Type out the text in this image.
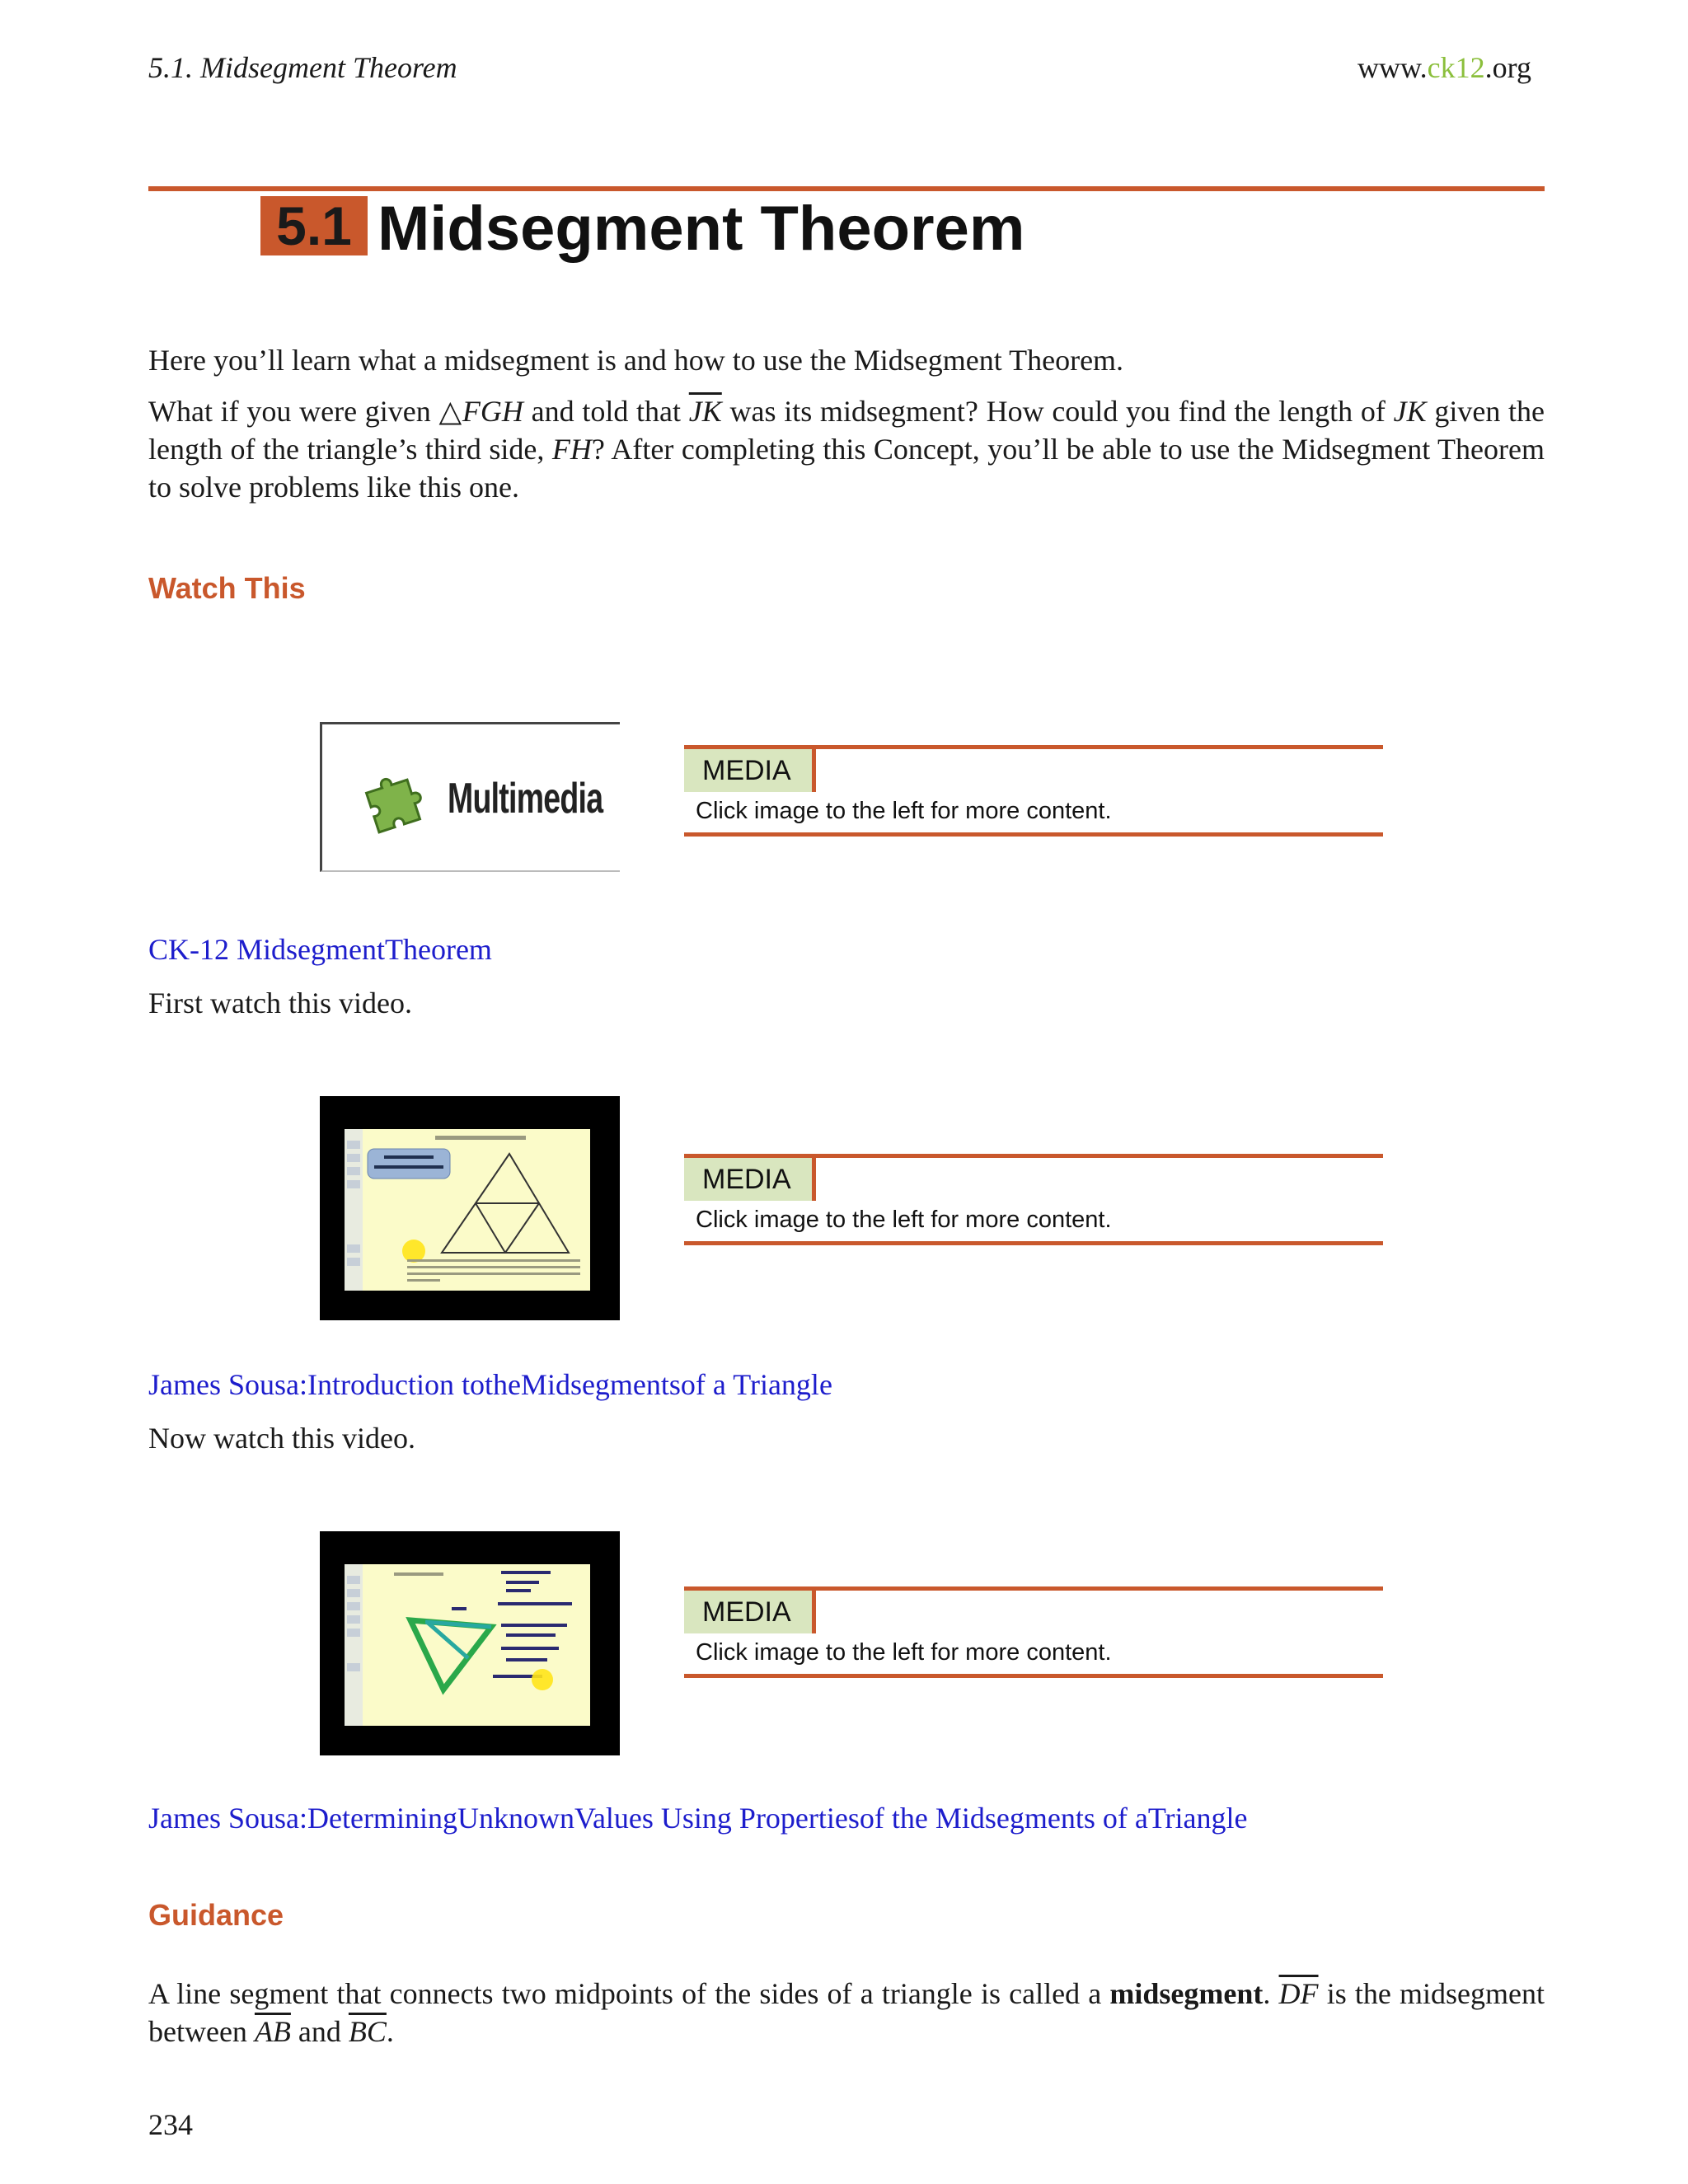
5.1. Midsegment Theorem	www.ck12.org
5.1 Midsegment Theorem
Here you’ll learn what a midsegment is and how to use the Midsegment Theorem.
What if you were given △FGH and told that $\overline{JK}$ was its midsegment? How could you find the length of JK given the length of the triangle’s third side, FH? After completing this Concept, you’ll be able to use the Midsegment Theorem to solve problems like this one.
Watch This
Multimedia
MEDIA
Click image to the left for more content.
CK-12 MidsegmentTheorem
First watch this video.
MEDIA
Click image to the left for more content.
James Sousa:Introduction totheMidsegmentsof a Triangle
Now watch this video.
MEDIA
Click image to the left for more content.
James Sousa:DeterminingUnknownValues Using Propertiesof the Midsegments of aTriangle
Guidance
A line segment that connects two midpoints of the sides of a triangle is called a midsegment. $\overline{DF}$ is the midsegment between $\overline{AB}$ and $\overline{BC}$.
234
